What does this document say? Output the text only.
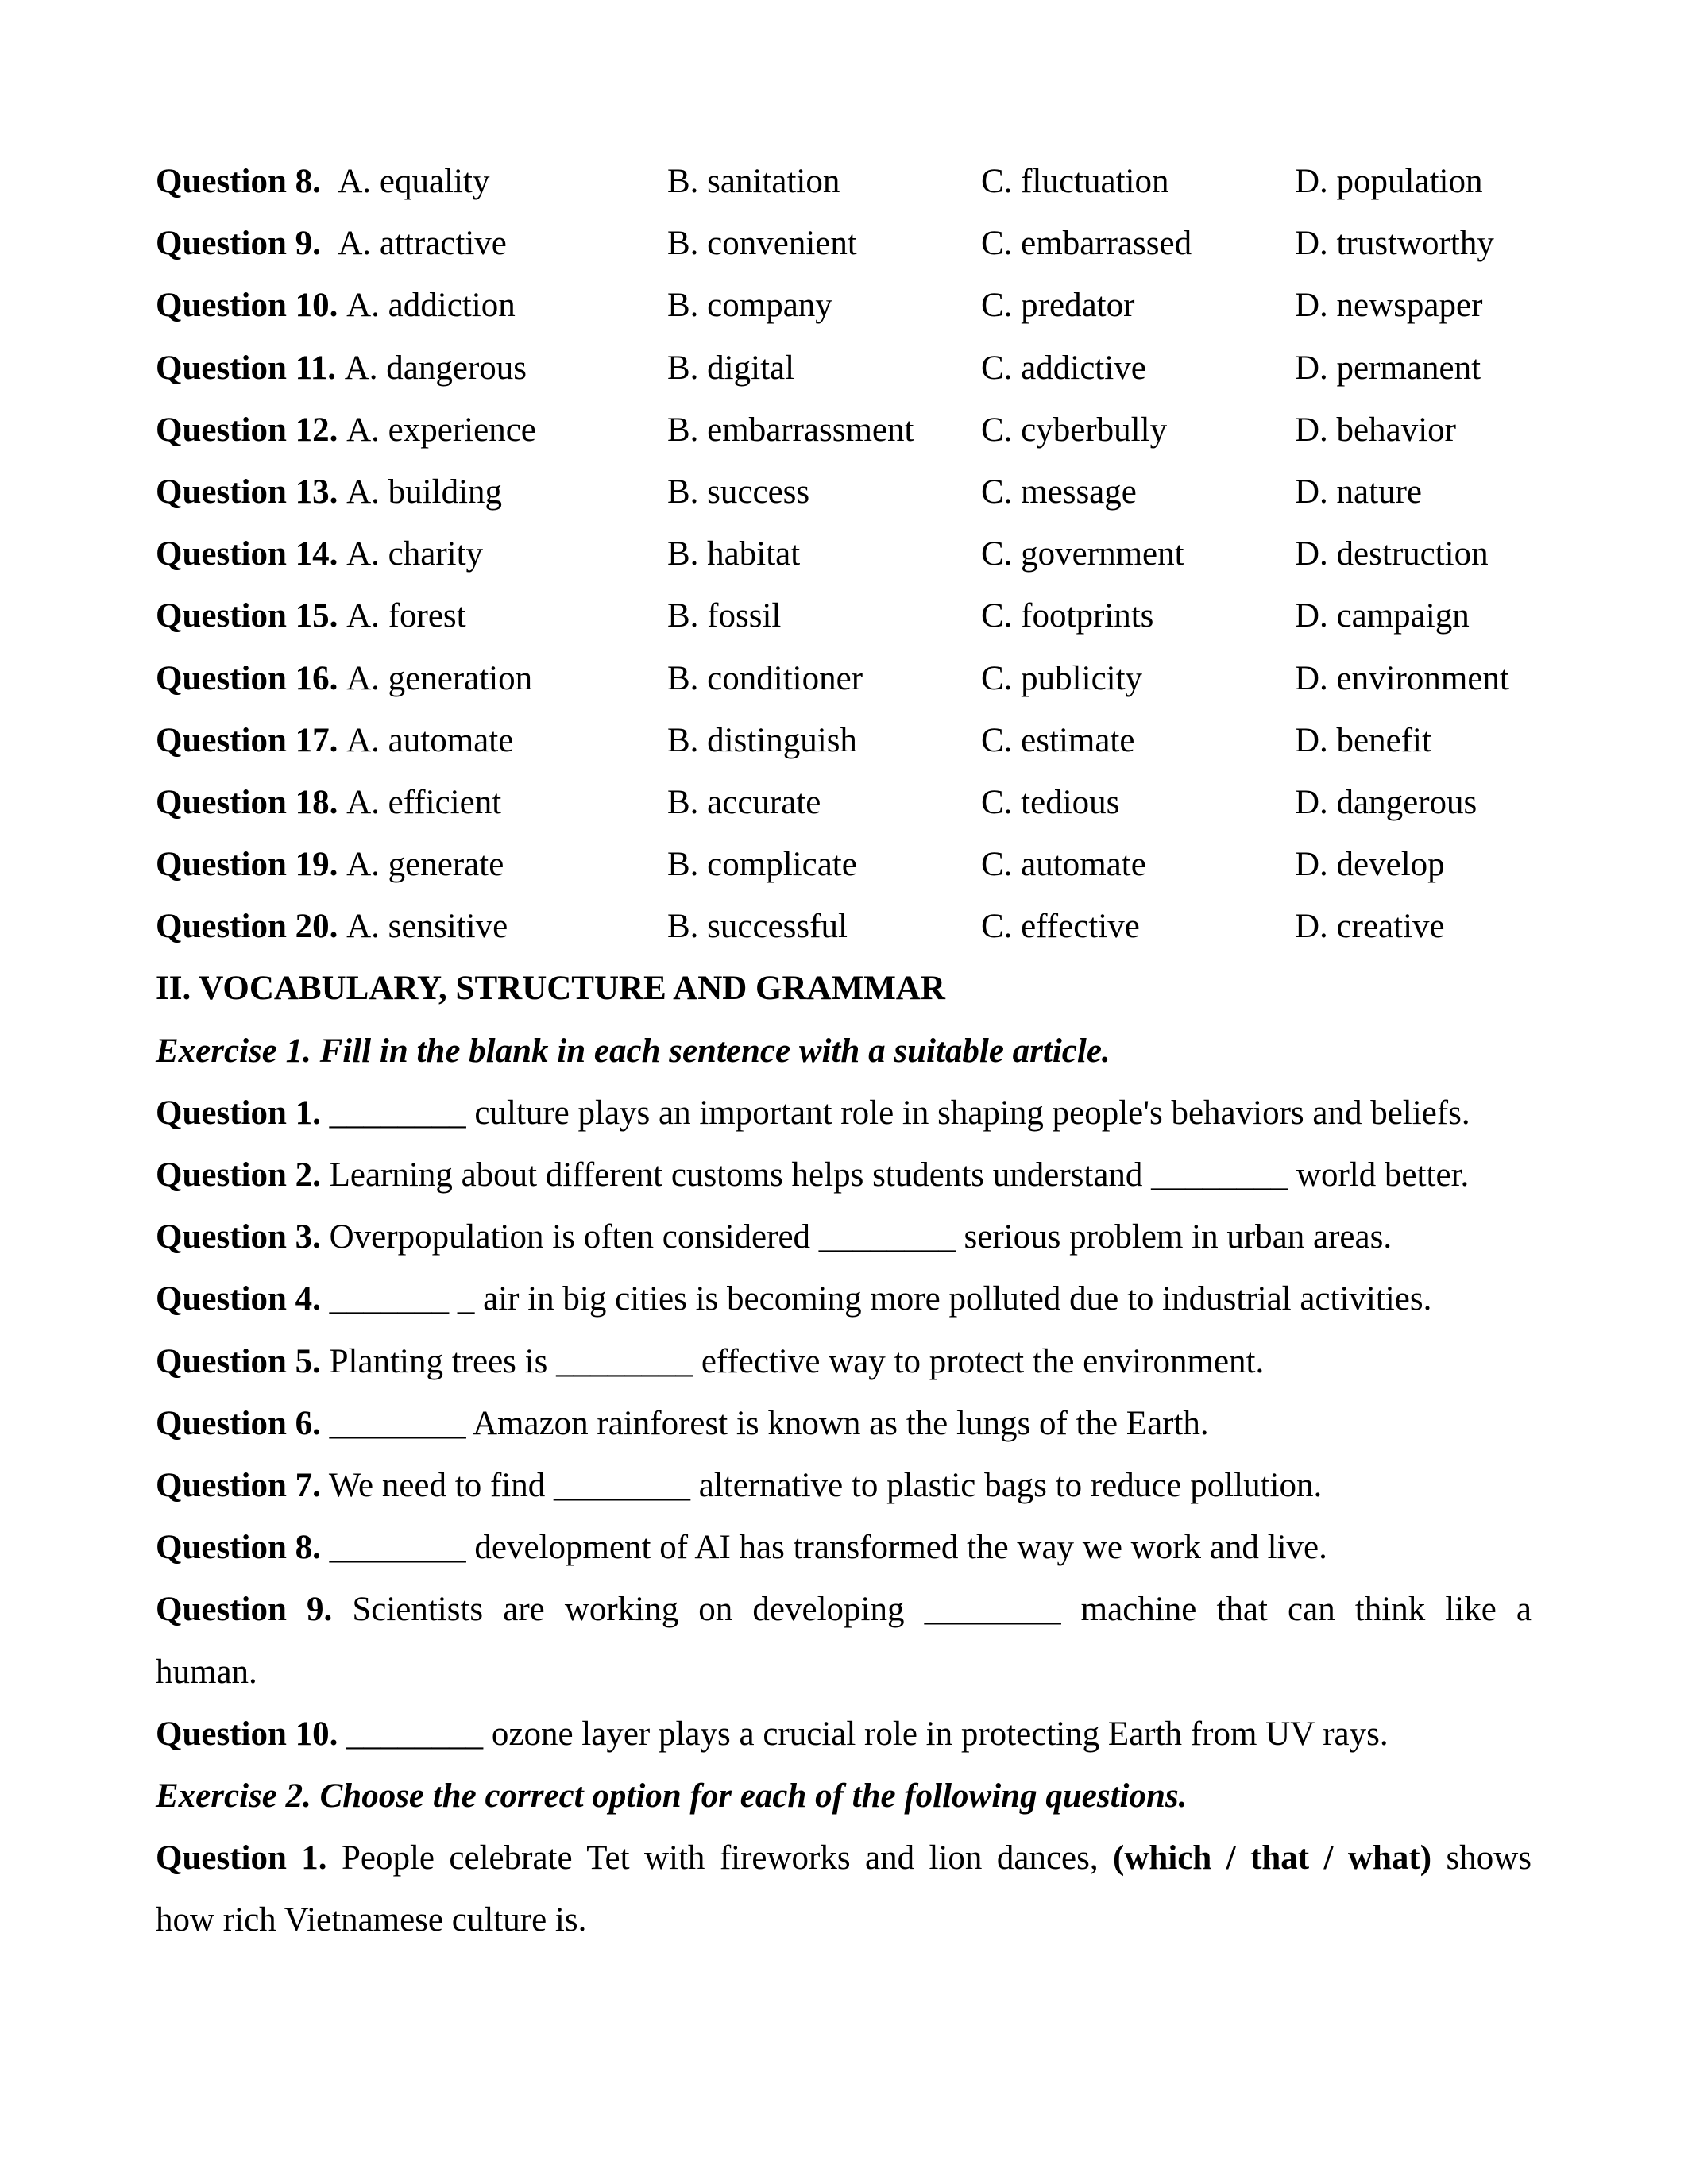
Question 8. A. equality	B. sanitation	C. fluctuation	D. population
Question 9. A. attractive	B. convenient	C. embarrassed	D. trustworthy
Question 10. A. addiction	B. company	C. predator	D. newspaper
Question 11. A. dangerous	B. digital	C. addictive	D. permanent
Question 12. A. experience	B. embarrassment C. cyberbully	D. behavior
Question 13. A. building	B. success	C. message	D. nature
Question 14. A. charity	B. habitat	C. government	D. destruction
Question 15. A. forest	B. fossil	C. footprints	D. campaign
Question 16. A. generation	B. conditioner	C. publicity	D. environment
Question 17. A. automate	B. distinguish	C. estimate	D. benefit
Question 18. A. efficient	B. accurate	C. tedious	D. dangerous
Question 19. A. generate	B. complicate	C. automate	D. develop
Question 20. A. sensitive	B. successful	C. effective	D. creative
II. VOCABULARY, STRUCTURE AND GRAMMAR
Exercise 1. Fill in the blank in each sentence with a suitable article.
Question 1. ________ culture plays an important role in shaping people's behaviors and beliefs.
Question 2. Learning about different customs helps students understand ________ world better.
Question 3. Overpopulation is often considered ________ serious problem in urban areas.
Question 4. _______ _ air in big cities is becoming more polluted due to industrial activities.
Question 5. Planting trees is ________ effective way to protect the environment.
Question 6. ________ Amazon rainforest is known as the lungs of the Earth.
Question 7. We need to find ________ alternative to plastic bags to reduce pollution.
Question 8. ________ development of AI has transformed the way we work and live.
Question 9. Scientists are working on developing ________ machine that can think like a
human.
Question 10. ________ ozone layer plays a crucial role in protecting Earth from UV rays.
Exercise 2. Choose the correct option for each of the following questions.
Question 1. People celebrate Tet with fireworks and lion dances, (which / that / what) shows
how rich Vietnamese culture is.
